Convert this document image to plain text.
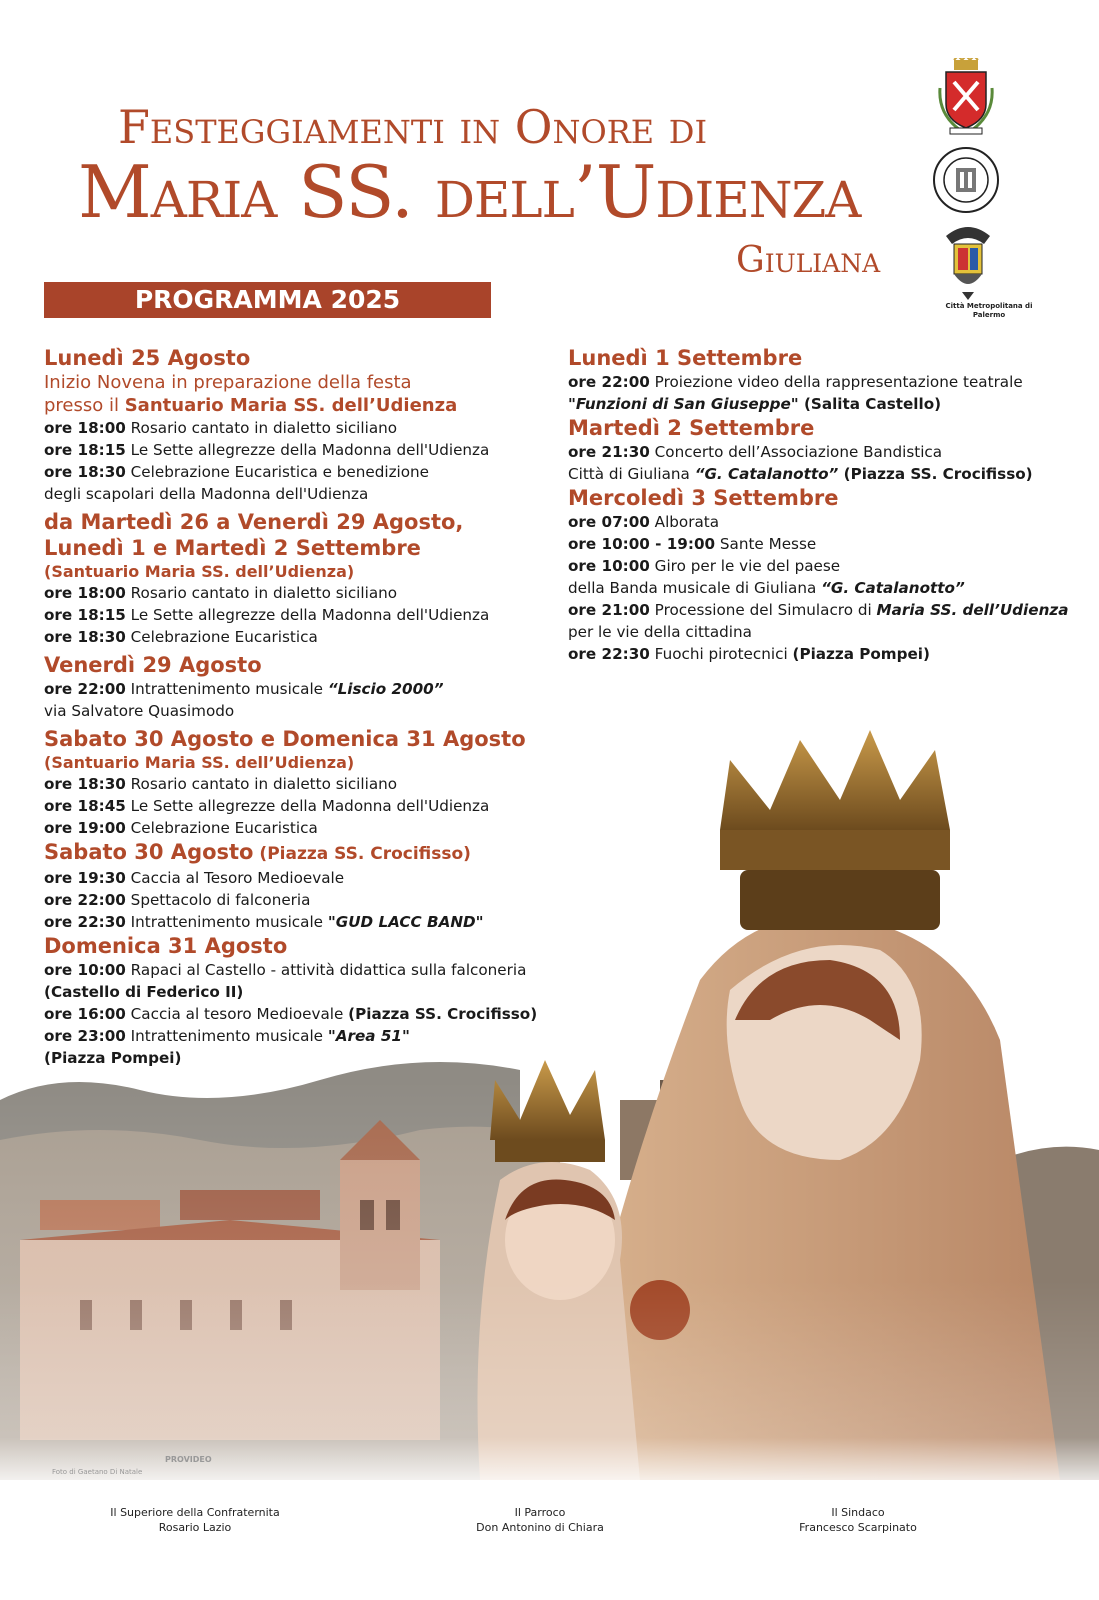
Festeggiamenti in Onore di
Maria SS. dell’Udienza
Giuliana
Città Metropolitana di Palermo
PROGRAMMA 2025
Lunedì 25 Agosto
Inizio Novena in preparazione della festa
presso il Santuario Maria SS. dell’Udienza
ore 18:00 Rosario cantato in dialetto siciliano
ore 18:15 Le Sette allegrezze della Madonna dell'Udienza
ore 18:30 Celebrazione Eucaristica e benedizione
degli scapolari della Madonna dell'Udienza
da Martedì 26 a Venerdì 29 Agosto,
Lunedì 1 e Martedì 2 Settembre
(Santuario Maria SS. dell’Udienza)
ore 18:00 Rosario cantato in dialetto siciliano
ore 18:15 Le Sette allegrezze della Madonna dell'Udienza
ore 18:30 Celebrazione Eucaristica
Venerdì 29 Agosto
ore 22:00 Intrattenimento musicale “Liscio 2000”
via Salvatore Quasimodo
Sabato 30 Agosto e Domenica 31 Agosto
(Santuario Maria SS. dell’Udienza)
ore 18:30 Rosario cantato in dialetto siciliano
ore 18:45 Le Sette allegrezze della Madonna dell'Udienza
ore 19:00 Celebrazione Eucaristica
Sabato 30 Agosto (Piazza SS. Crocifisso)
ore 19:30 Caccia al Tesoro Medioevale
ore 22:00 Spettacolo di falconeria
ore 22:30 Intrattenimento musicale "GUD LACC BAND"
Domenica 31 Agosto
ore 10:00 Rapaci al Castello - attività didattica sulla falconeria
(Castello di Federico II)
ore 16:00 Caccia al tesoro Medioevale (Piazza SS. Crocifisso)
ore 23:00 Intrattenimento musicale "Area 51"
(Piazza Pompei)
Lunedì 1 Settembre
ore 22:00 Proiezione video della rappresentazione teatrale
"Funzioni di San Giuseppe" (Salita Castello)
Martedì 2 Settembre
ore 21:30 Concerto dell’Associazione Bandistica
Città di Giuliana “G. Catalanotto” (Piazza SS. Crocifisso)
Mercoledì 3 Settembre
ore 07:00 Alborata
ore 10:00 - 19:00 Sante Messe
ore 10:00 Giro per le vie del paese
della Banda musicale di Giuliana “G. Catalanotto”
ore 21:00 Processione del Simulacro di Maria SS. dell’Udienza
per le vie della cittadina
ore 22:30 Fuochi pirotecnici (Piazza Pompei)
Foto di Gaetano Di Natale
PROVIDEO
Il Superiore della Confraternita
Rosario Lazio
Il Parroco
Don Antonino di Chiara
Il Sindaco
Francesco Scarpinato
